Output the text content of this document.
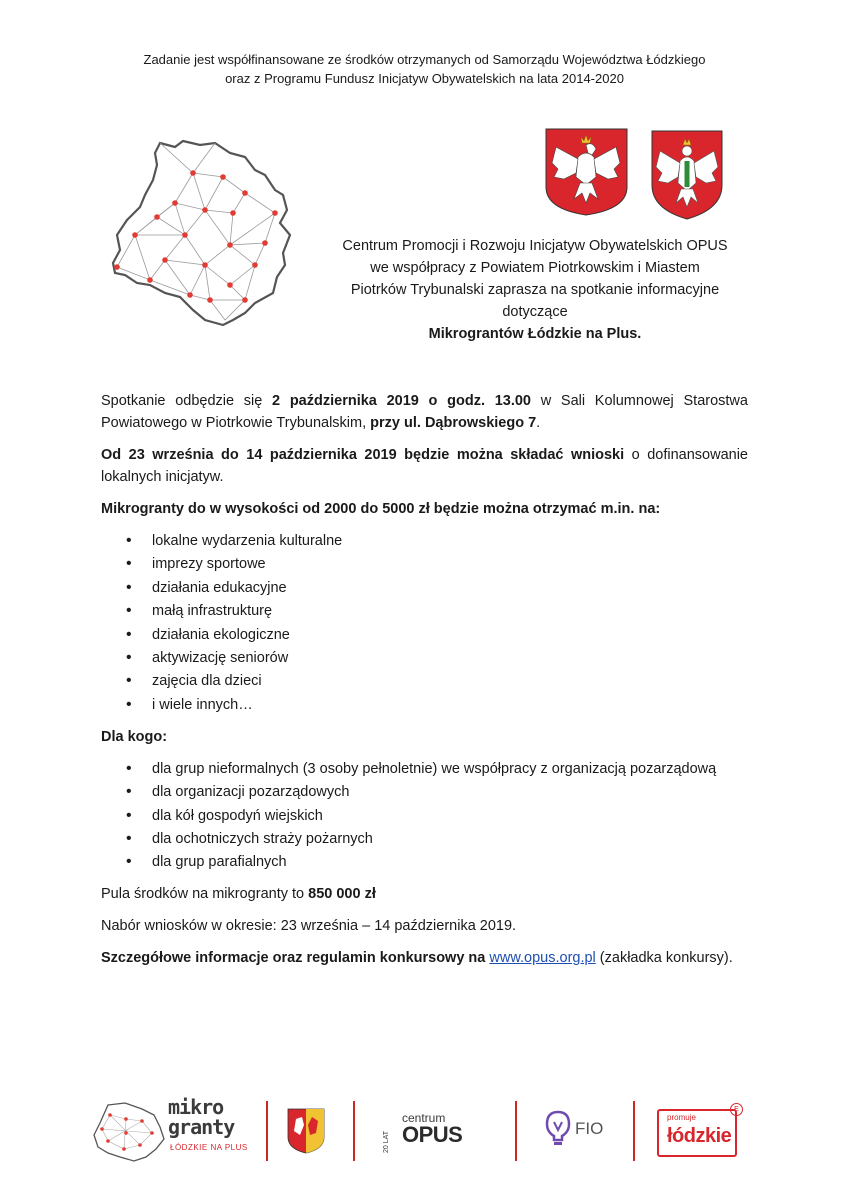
Zadanie jest współfinansowane ze środków otrzymanych od Samorządu Województwa Łódzkiego
oraz z Programu Fundusz Inicjatyw Obywatelskich na lata 2014-2020
Centrum Promocji i Rozwoju Inicjatyw Obywatelskich OPUS
we współpracy z Powiatem Piotrkowskim i Miastem
Piotrków Trybunalski zaprasza na spotkanie informacyjne
dotyczące
Mikrograntów Łódzkie na Plus.

Spotkanie odbędzie się 2 października 2019 o godz. 13.00 w Sali Kolumnowej Starostwa Powiatowego w Piotrkowie Trybunalskim, przy ul. Dąbrowskiego 7.

Od 23 września do 14 października 2019 będzie można składać wnioski o dofinansowanie lokalnych inicjatyw.

Mikrogranty do w wysokości od 2000 do 5000 zł będzie można otrzymać m.in. na:

• lokalne wydarzenia kulturalne
• imprezy sportowe
• działania edukacyjne
• małą infrastrukturę
• działania ekologiczne
• aktywizację seniorów
• zajęcia dla dzieci
• i wiele innych…

Dla kogo:

• dla grup nieformalnych (3 osoby pełnoletnie) we współpracy z organizacją pozarządową
• dla organizacji pozarządowych
• dla kół gospodyń wiejskich
• dla ochotniczych straży pożarnych
• dla grup parafialnych

Pula środków na mikrogranty to 850 000 zł

Nabór wniosków w okresie: 23 września – 14 października 2019.

Szczegółowe informacje oraz regulamin konkursowy na www.opus.org.pl (zakładka konkursy).

mikro
granty
ŁÓDZKIE NA PLUS	20 LAT
centrum
OPUS	FIO
promuje
łódzkie
E
